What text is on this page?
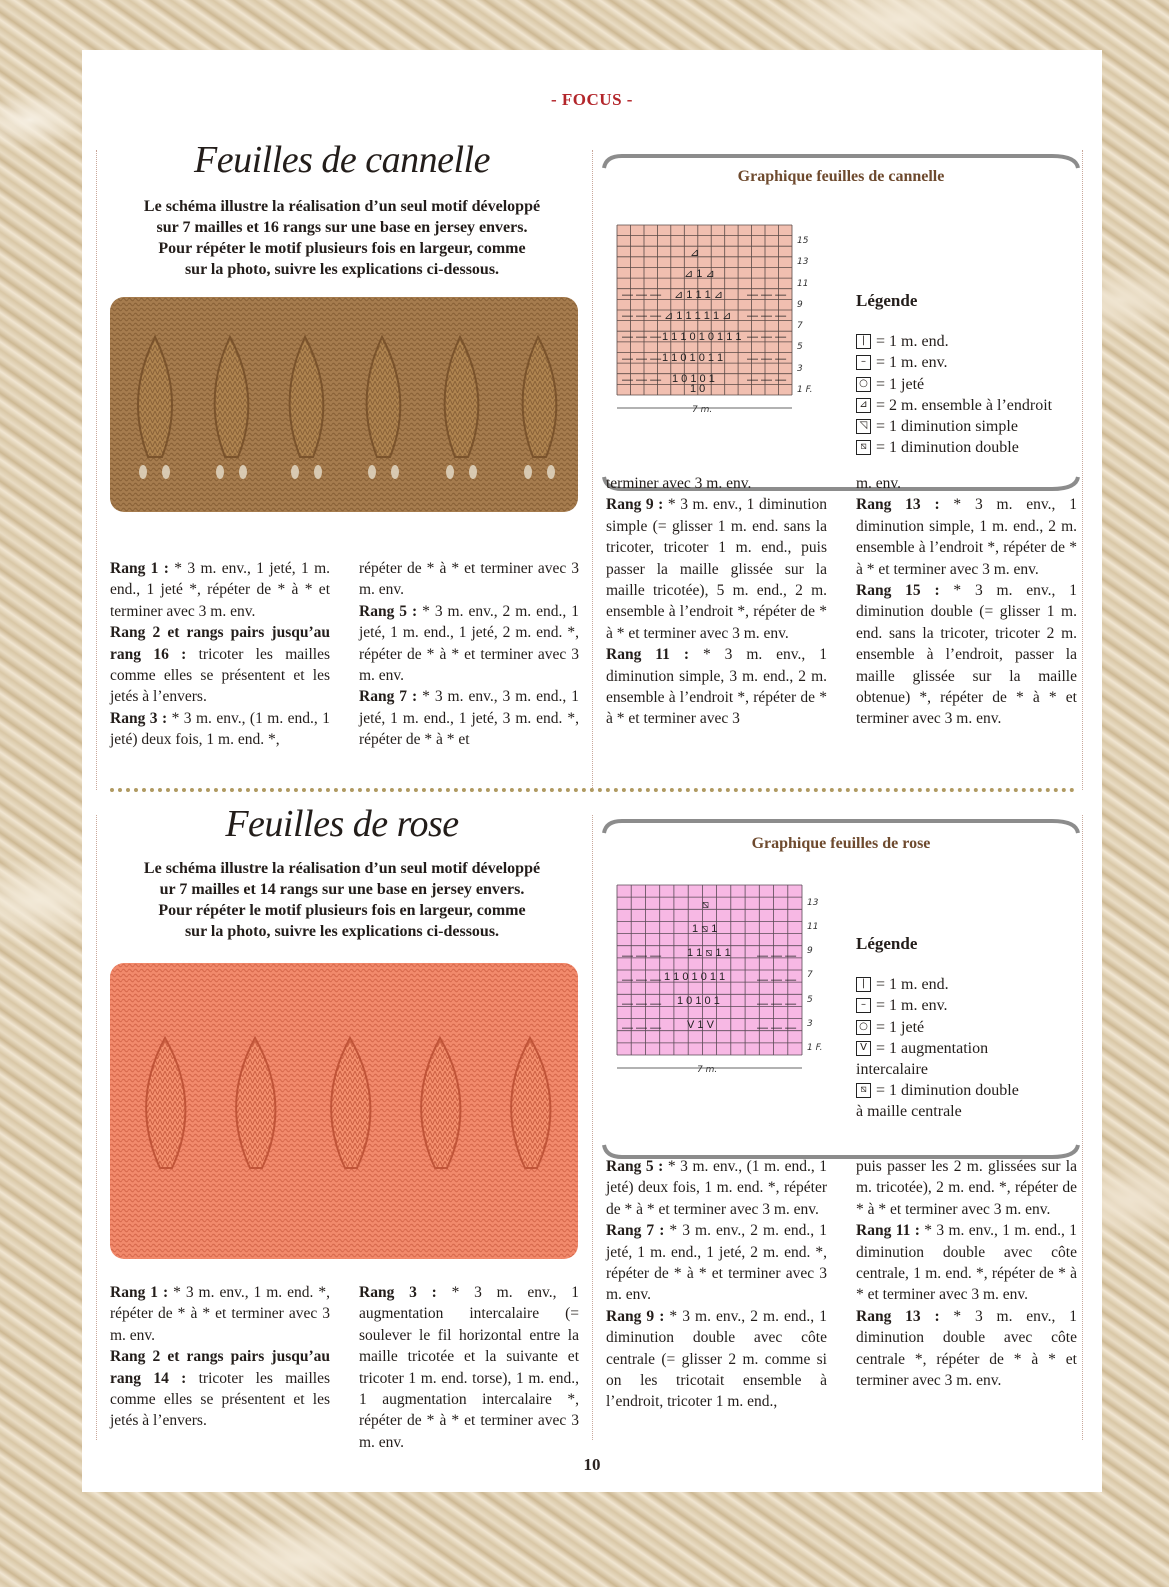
- FOCUS -
Feuilles de cannelle
Le schéma illustre la réalisation d’un seul motif développé
sur 7 mailles et 16 rangs sur une base en jersey envers.
Pour répéter le motif plusieurs fois en largeur, comme
sur la photo, suivre les explications ci-dessous.
Graphique feuilles de cannelle
— — —
— — —
— — —
— — —
— — —
— — —
— — —
— — —
— — —
— — —
1 1 1 0 1 0 1 1 1
1 1 0 1 0 1 1
1 0 1 0 1
⊿ 1 1 1 1 1 ⊿
⊿ 1 1 1 ⊿
⊿ 1 ⊿
⊿
1 0
15
13
11
9
7
5
3
1 F.
7 m.
Légende
| = 1 m. end.
– = 1 m. env.
○ = 1 jeté
⊿ = 2 m. ensemble à l’endroit
◹ = 1 diminution simple
⧅ = 1 diminution double

Rang 1 : * 3 m. env., 1 jeté, 1 m. end., 1 jeté *, répéter de * à * et terminer avec 3 m. env.

Rang 2 et rangs pairs jusqu’au rang 16 : tricoter les mailles comme elles se présentent et les jetés à l’envers.

Rang 3 : * 3 m. env., (1 m. end., 1 jeté) deux fois, 1 m. end. *,

répéter de * à * et terminer avec 3 m. env.

Rang 5 : * 3 m. env., 2 m. end., 1 jeté, 1 m. end., 1 jeté, 2 m. end. *, répéter de * à * et terminer avec 3 m. env.

Rang 7 : * 3 m. env., 3 m. end., 1 jeté, 1 m. end., 1 jeté, 3 m. end. *, répéter de * à * et

terminer avec 3 m. env.

Rang 9 : * 3 m. env., 1 diminution simple (= glisser 1 m. end. sans la tricoter, tricoter 1 m. end., puis passer la maille glissée sur la maille tricotée), 5 m. end., 2 m. ensemble à l’endroit *, répéter de * à * et terminer avec 3 m. env.

Rang 11 : * 3 m. env., 1 diminution simple, 3 m. end., 2 m. ensemble à l’endroit *, répéter de * à * et terminer avec 3

m. env.

Rang 13 : * 3 m. env., 1 diminution simple, 1 m. end., 2 m. ensemble à l’endroit *, répéter de * à * et terminer avec 3 m. env.

Rang 15 : * 3 m. env., 1 diminution double (= glisser 1 m. end. sans la tricoter, tricoter 2 m. ensemble à l’endroit, passer la maille glissée sur la maille obtenue) *, répéter de * à * et terminer avec 3 m. env.

Feuilles de rose
Le schéma illustre la réalisation d’un seul motif développé
ur 7 mailles et 14 rangs sur une base en jersey envers.
Pour répéter le motif plusieurs fois en largeur, comme
sur la photo, suivre les explications ci-dessous.
Graphique feuilles de rose
— — —
— — —
— — —
— — —
— — —
— — —
— — —
— — —
1 1 0 1 0 1 1
1 0 1 0 1
V 1 V
1 1 ⧅ 1 1
1 ⧅ 1
⧅	13
11
9
7
5
3
1 F.
7 m.
Légende
| = 1 m. end.
– = 1 m. env.
○ = 1 jeté
V = 1 augmentation
intercalaire
⧅ = 1 diminution double
à maille centrale

Rang 1 : * 3 m. env., 1 m. end. *, répéter de * à * et terminer avec 3 m. env.

Rang 2 et rangs pairs jusqu’au rang 14 : tricoter les mailles comme elles se présentent et les jetés à l’envers.

Rang 3 : * 3 m. env., 1 augmentation intercalaire (= soulever le fil horizontal entre la maille tricotée et la suivante et tricoter 1 m. end. torse), 1 m. end., 1 augmentation intercalaire *, répéter de * à * et terminer avec 3 m. env.

Rang 5 : * 3 m. env., (1 m. end., 1 jeté) deux fois, 1 m. end. *, répéter de * à * et terminer avec 3 m. env.

Rang 7 : * 3 m. env., 2 m. end., 1 jeté, 1 m. end., 1 jeté, 2 m. end. *, répéter de * à * et terminer avec 3 m. env.

Rang 9 : * 3 m. env., 2 m. end., 1 diminution double avec côte centrale (= glisser 2 m. comme si on les tricotait ensemble à l’endroit, tricoter 1 m. end.,

puis passer les 2 m. glissées sur la m. tricotée), 2 m. end. *, répéter de * à * et terminer avec 3 m. env.

Rang 11 : * 3 m. env., 1 m. end., 1 diminution double avec côte centrale, 1 m. end. *, répéter de * à * et terminer avec 3 m. env.

Rang 13 : * 3 m. env., 1 diminution double avec côte centrale *, répéter de * à * et terminer avec 3 m. env.

10
